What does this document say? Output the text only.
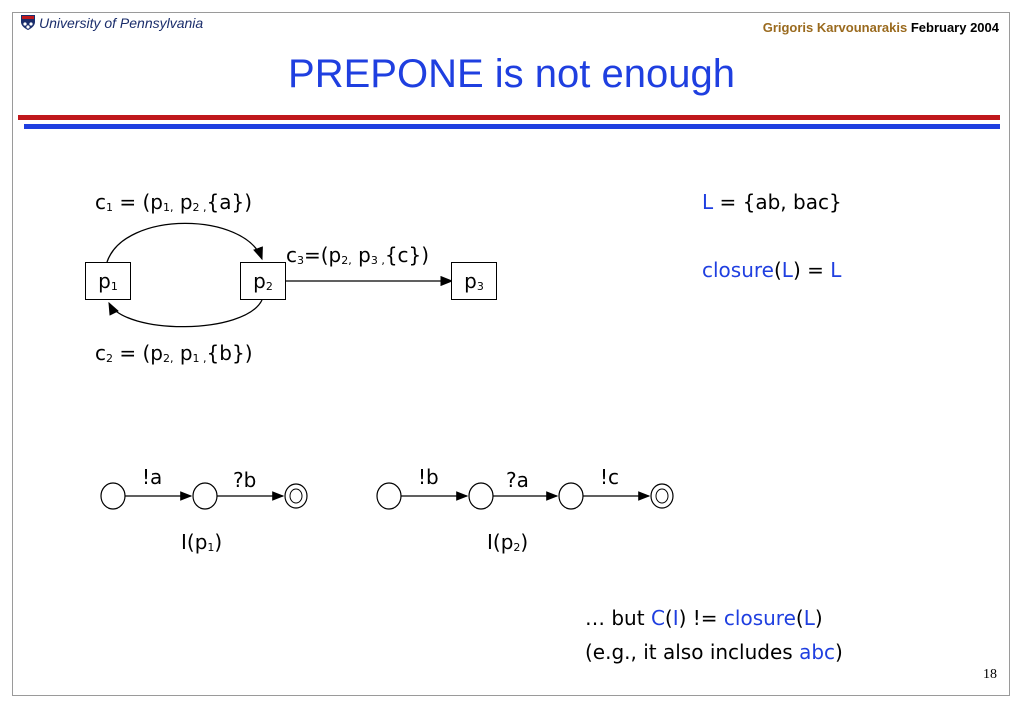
University of Pennsylvania	Grigoris Karvounarakis February 2004
PREPONE is not enough
$c_1 = (p_{1,}$ $p_{2 ,}\{a\}$)
$c_3=(p_{2,}$ $p_{3 ,}\{c\}$)
$c_2 = (p_{2,}$ $p_{1 ,}\{b\}$)
$p_1$	$p_2$	$p_3$
L = {ab, bac}
closure(L) = L
!a	?b
$I(p_1)$
!b	?a	!c
$I(p_2)$
… but C(I) != closure(L)
(e.g., it also includes abc)
18
